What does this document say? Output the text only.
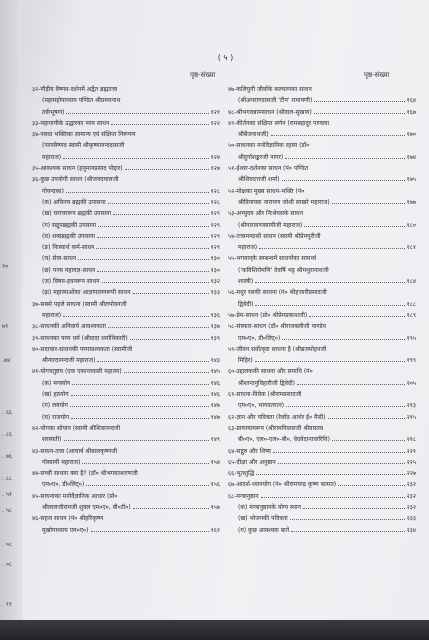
१०
७१
.७४
. ६६
. ८६
. ७६
. ८८
. ५१
. ५८
. ०८
. ०८
. ११
( ५ )
पृष्ठ-संख्या	पृष्ठ-संख्या
३२-गौड़ीय वैष्णव-दर्शनमें अद्वैत ब्रह्मतत्त्व
(महामहोपाध्याय पण्डित श्रीप्रमथनाथ
तर्कभूषण)	१२१
३३-महापापीके उद्धारका परम साधन	१२२
३४-नवधा भक्तिका सामान्य एवं संक्षिप्त निरूपण
(परमवैष्णव स्वामी श्रीकृष्णानन्ददासजी
महाराज)	१२४
३५-आवश्यक साधन (हनुमानप्रसाद पोद्दार)	१२७
३६-कुछ उपयोगी साधन (श्रीजयदयालजी
गोयन्दका)	१२८
(क) अचिन्त्य ब्रह्मकी उपासना	१२८
(ख) चराचररूप ब्रह्मकी उपासना	१२९
(ग) सद्रूपब्रह्मकी उपासना	१२९
(घ) शब्दब्रह्मकी उपासना	१२९
(ङ) निःस्वार्थ कर्म-साधन	१२९
(च) सेवा-साधन	१३०
(छ) पञ्च महायज्ञ-साधन	१३०
(ज) विषय-हवनरूप साधन	१३२
(झ) महात्माओंका आज्ञापालनरूपी साधन	१३३
३७-सबसे पहले साधना (स्वामी श्रीलपोवनजी
महाराज)	१३६
३८-साधनकी अनिवार्य आवश्यकता	१३७
३९-साधनका परम धर्म (श्रीदादा धर्माधिकारी)	१३९
४०-सदाचार-साधनकी परमावश्यकता (स्वामीजी
श्रीनारदानन्दजी महाराज)	१४३
४१-योगचतुष्टय (एक एकान्तवासी महात्मा)	१४५
(क) मन्त्रयोग	१४६
(ख) हठयोग	१४६
(ग) लययोग	१४७
(घ) राजयोग	१४७
४२-योगका सोपान (स्वामी श्रीशिवानन्दजी
सरस्वती)	१४९
४३-साधन-तत्त्व (आचार्य श्रीबालकृष्णजी
गोस्वामी महाराज)	१५४
४४-सच्ची साधना क्या है? (डॉ० श्रीभगवतशरणजी
एम०ए०, डी०लिट्०)	१५६
४५-साधनाका मनोवैज्ञानिक आधार (प्रो०
श्रीलालजीरामजी शुक्ल एम०ए०, बी०टी०)	१५७
४६-सहज साधन (पं० श्रीहरिकृष्ण
मुखोपाध्याय एम०ए०)	१६१
४७-कलियुगी जीवोंके कल्याणका साधन
(श्रीअपरागदासजी 'टीप' रामायणी)	१६४
४८-श्रीभगवन्नामसाधन (श्रीवाल-सुखाय)	१६७
४९-कीर्तनका संक्षिप्त वर्णन (रामबहादुर पाण्डया
श्रीबैजनाथजी)	१७०
५०-साधनका मनोवैज्ञानिक रहस्य (डॉ०
श्रीदुर्गाशङ्करजी नागर)	१७४
५१-ईश्वर-दर्शनका साधन (पं० पण्डित
श्रीशिवदत्तजी शर्मा)	१७५
५२-मोक्षका मुख्य साधन-भक्ति (पं०
श्रीविनायक नारायण जोशी साखरे महाराज)	१७७
५३-अभ्युदय और निःश्रेयसके साधन
(श्रीनारायणस्वामीजी महाराज)	१८०
५४-तत्त्वमन्दाशी साधन (स्वामी श्रीप्रेमपुरीजी
महाराज)	१८१
५५-भगवान्‌के सम्बन्धमें साधनोंका सामर्थ्य
('कविशिरोमणि' देवर्षि भट्ट श्रीमथुरानाथजी
शास्त्री)	१८४
५६-मधुर रसकी साधना (पं० श्रीहजारीप्रसादजी
द्विवेदी)	१८८
५७-प्रेम-साधन (प्रो० श्रीप्रेमप्रकाशजी)	१८९
५८-संस्कार-साधन (डॉ० श्रीराजबलीजी पाण्डेय
एम०ए०, डी०लिट्०)	१९५
५९-जीवन सर्वोत्कृष्ट साधना है (श्रीब्रजमोहनजी
मिहिर)	१९९
६०-उद्दालककी साधना और समाधि (पं०
श्रीशान्तनुविहारीजी द्विवेदी)	२०५
६१-साधना-विवेक (श्रीरामप्रसादजी
एम०ए०, भागवतरत्न)	२१३
६२-ज्ञान और पवित्रता (रेवरेंड आर्थर ई० मैसी)	२१५
६३-प्राणायामरूप (श्रीरामनिवासजी श्रीवास्तव
बी०ए०, एल०-एल०-बी०, वेदवेदान्तवारिधि)	२१८
६४-सद्गुरु और शिष्य	२२१
६५-दीक्षा और अनुष्ठान	२२५
६६-भूतशुद्धि	२२७
६७-आदर्श-ध्यानयोग (पं० श्रीरामचन्द्र कृष्ण कामत)	२३२
६८-मन्त्रानुष्ठान	२३२
(क) मन्त्रानुष्ठानके योग्य स्थान	२३२
(ख) भोजनकी पवित्रता	२३३
(ग) कुछ आवश्यक बातें	२३४
